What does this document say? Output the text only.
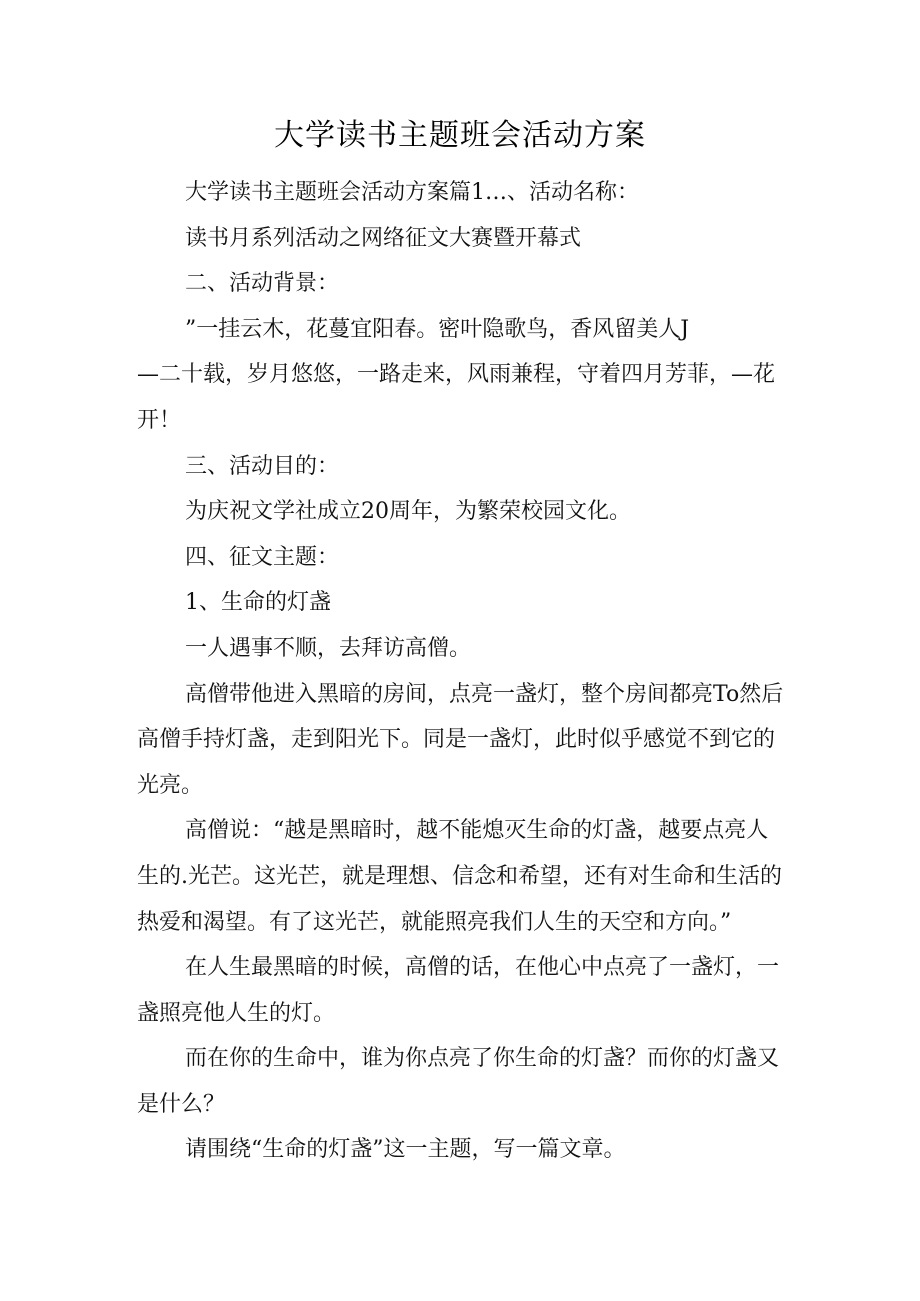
大学读书主题班会活动方案

大学读书主题班会活动方案篇1…、活动名称：

读书月系列活动之网络征文大赛暨开幕式

二、活动背景：

”一挂云木，花蔓宜阳春。密叶隐歌鸟，香风留美人J

—二十载，岁月悠悠，一路走来，风雨兼程，守着四月芳菲，—花开！

三、活动目的：

为庆祝文学社成立20周年，为繁荣校园文化。

四、征文主题：

1、生命的灯盏

一人遇事不顺，去拜访高僧。

高僧带他进入黑暗的房间，点亮一盏灯，整个房间都亮To然后高僧手持灯盏，走到阳光下。同是一盏灯，此时似乎感觉不到它的光亮。

高僧说：“越是黑暗时，越不能熄灭生命的灯盏，越要点亮人生的.光芒。这光芒，就是理想、信念和希望，还有对生命和生活的热爱和渴望。有了这光芒，就能照亮我们人生的天空和方向。”

在人生最黑暗的时候，高僧的话，在他心中点亮了一盏灯，一盏照亮他人生的灯。

而在你的生命中，谁为你点亮了你生命的灯盏？而你的灯盏又是什么？

请围绕“生命的灯盏”这一主题，写一篇文章。
